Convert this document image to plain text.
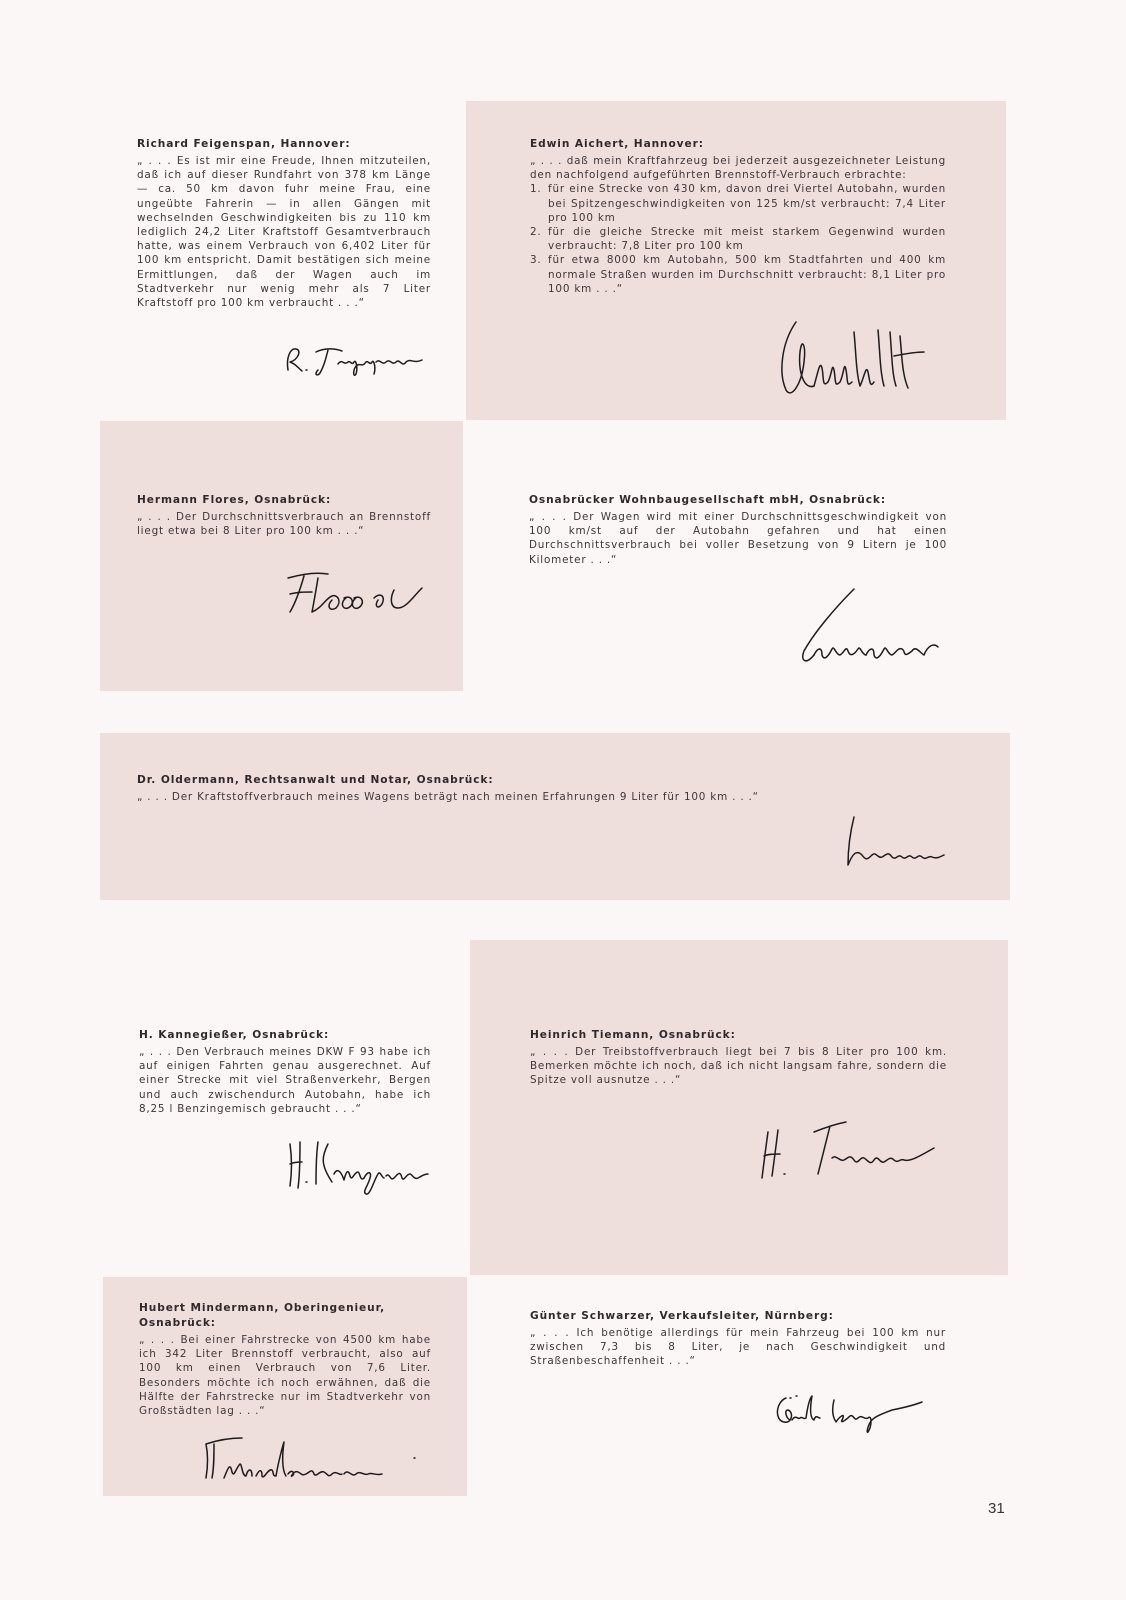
Richard Feigenspan, Hannover:

„ . . . Es ist mir eine Freude, Ihnen mitzuteilen, daß ich auf dieser Rundfahrt von 378 km Länge — ca. 50 km davon fuhr meine Frau, eine ungeübte Fahrerin — in allen Gängen mit wechselnden Geschwindigkeiten bis zu 110 km lediglich 24,2 Liter Kraftstoff Gesamtverbrauch hatte, was einem Verbrauch von 6,402 Liter für 100 km entspricht. Damit bestätigen sich meine Ermittlungen, daß der Wagen auch im Stadtverkehr nur wenig mehr als 7 Liter Kraftstoff pro 100 km verbraucht . . .“

Edwin Aichert, Hannover:

„ . . . daß mein Kraftfahrzeug bei jederzeit ausgezeichneter Leistung den nachfolgend aufgeführten Brennstoff-Verbrauch erbrachte:

1. für eine Strecke von 430 km, davon drei Viertel Autobahn, wurden bei Spitzengeschwindigkeiten von 125 km/st verbraucht: 7,4 Liter pro 100 km
2. für die gleiche Strecke mit meist starkem Gegenwind wurden verbraucht: 7,8 Liter pro 100 km
3. für etwa 8000 km Autobahn, 500 km Stadtfahrten und 400 km normale Straßen wurden im Durchschnitt verbraucht: 8,1 Liter pro 100 km . . .“

Hermann Flores, Osnabrück:

„ . . . Der Durchschnittsverbrauch an Brennstoff liegt etwa bei 8 Liter pro 100 km . . .“

Osnabrücker Wohnbaugesellschaft mbH, Osnabrück:

„ . . . Der Wagen wird mit einer Durchschnittsgeschwindigkeit von 100 km/st auf der Autobahn gefahren und hat einen Durchschnittsverbrauch bei voller Besetzung von 9 Litern je 100 Kilometer . . .“

Dr. Oldermann, Rechtsanwalt und Notar, Osnabrück:

„ . . . Der Kraftstoffverbrauch meines Wagens beträgt nach meinen Erfahrungen 9 Liter für 100 km . . .“

H. Kannegießer, Osnabrück:

„ . . . Den Verbrauch meines DKW F 93 habe ich auf einigen Fahrten genau ausgerechnet. Auf einer Strecke mit viel Straßenverkehr, Bergen und auch zwischendurch Autobahn, habe ich 8,25 l Benzingemisch gebraucht . . .“

Heinrich Tiemann, Osnabrück:

„ . . . Der Treibstoffverbrauch liegt bei 7 bis 8 Liter pro 100 km. Bemerken möchte ich noch, daß ich nicht langsam fahre, sondern die Spitze voll ausnutze . . .“

Hubert Mindermann, Oberingenieur, Osnabrück:

„ . . . Bei einer Fahrstrecke von 4500 km habe ich 342 Liter Brennstoff verbraucht, also auf 100 km einen Verbrauch von 7,6 Liter. Besonders möchte ich noch erwähnen, daß die Hälfte der Fahrstrecke nur im Stadtverkehr von Großstädten lag . . .“

Günter Schwarzer, Verkaufsleiter, Nürnberg:

„ . . . Ich benötige allerdings für mein Fahrzeug bei 100 km nur zwischen 7,3 bis 8 Liter, je nach Geschwindigkeit und Straßenbeschaffenheit . . .“

31
